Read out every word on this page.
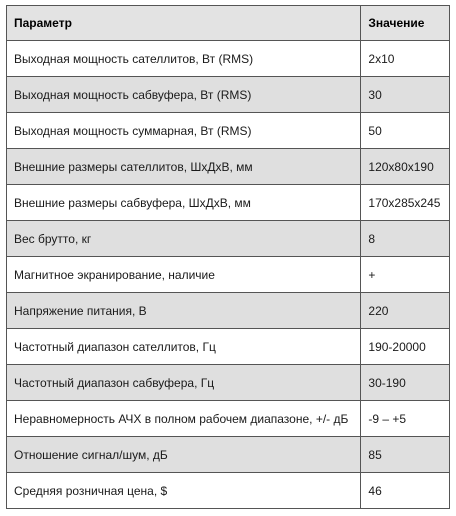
Параметр	Значение
Выходная мощность сателлитов, Вт (RMS)	2x10
Выходная мощность сабвуфера, Вт (RMS)	30
Выходная мощность суммарная, Вт (RMS)	50
Внешние размеры сателлитов, ШхДхВ, мм	120x80x190
Внешние размеры сабвуфера, ШхДхВ, мм	170x285x245
Вес брутто, кг	8
Магнитное экранирование, наличие	+
Напряжение питания, В	220
Частотный диапазон сателлитов, Гц	190-20000
Частотный диапазон сабвуфера, Гц	30-190
Неравномерность АЧХ в полном рабочем диапазоне, +/- дБ	-9 – +5
Отношение сигнал/шум, дБ	85
Средняя розничная цена, $	46
